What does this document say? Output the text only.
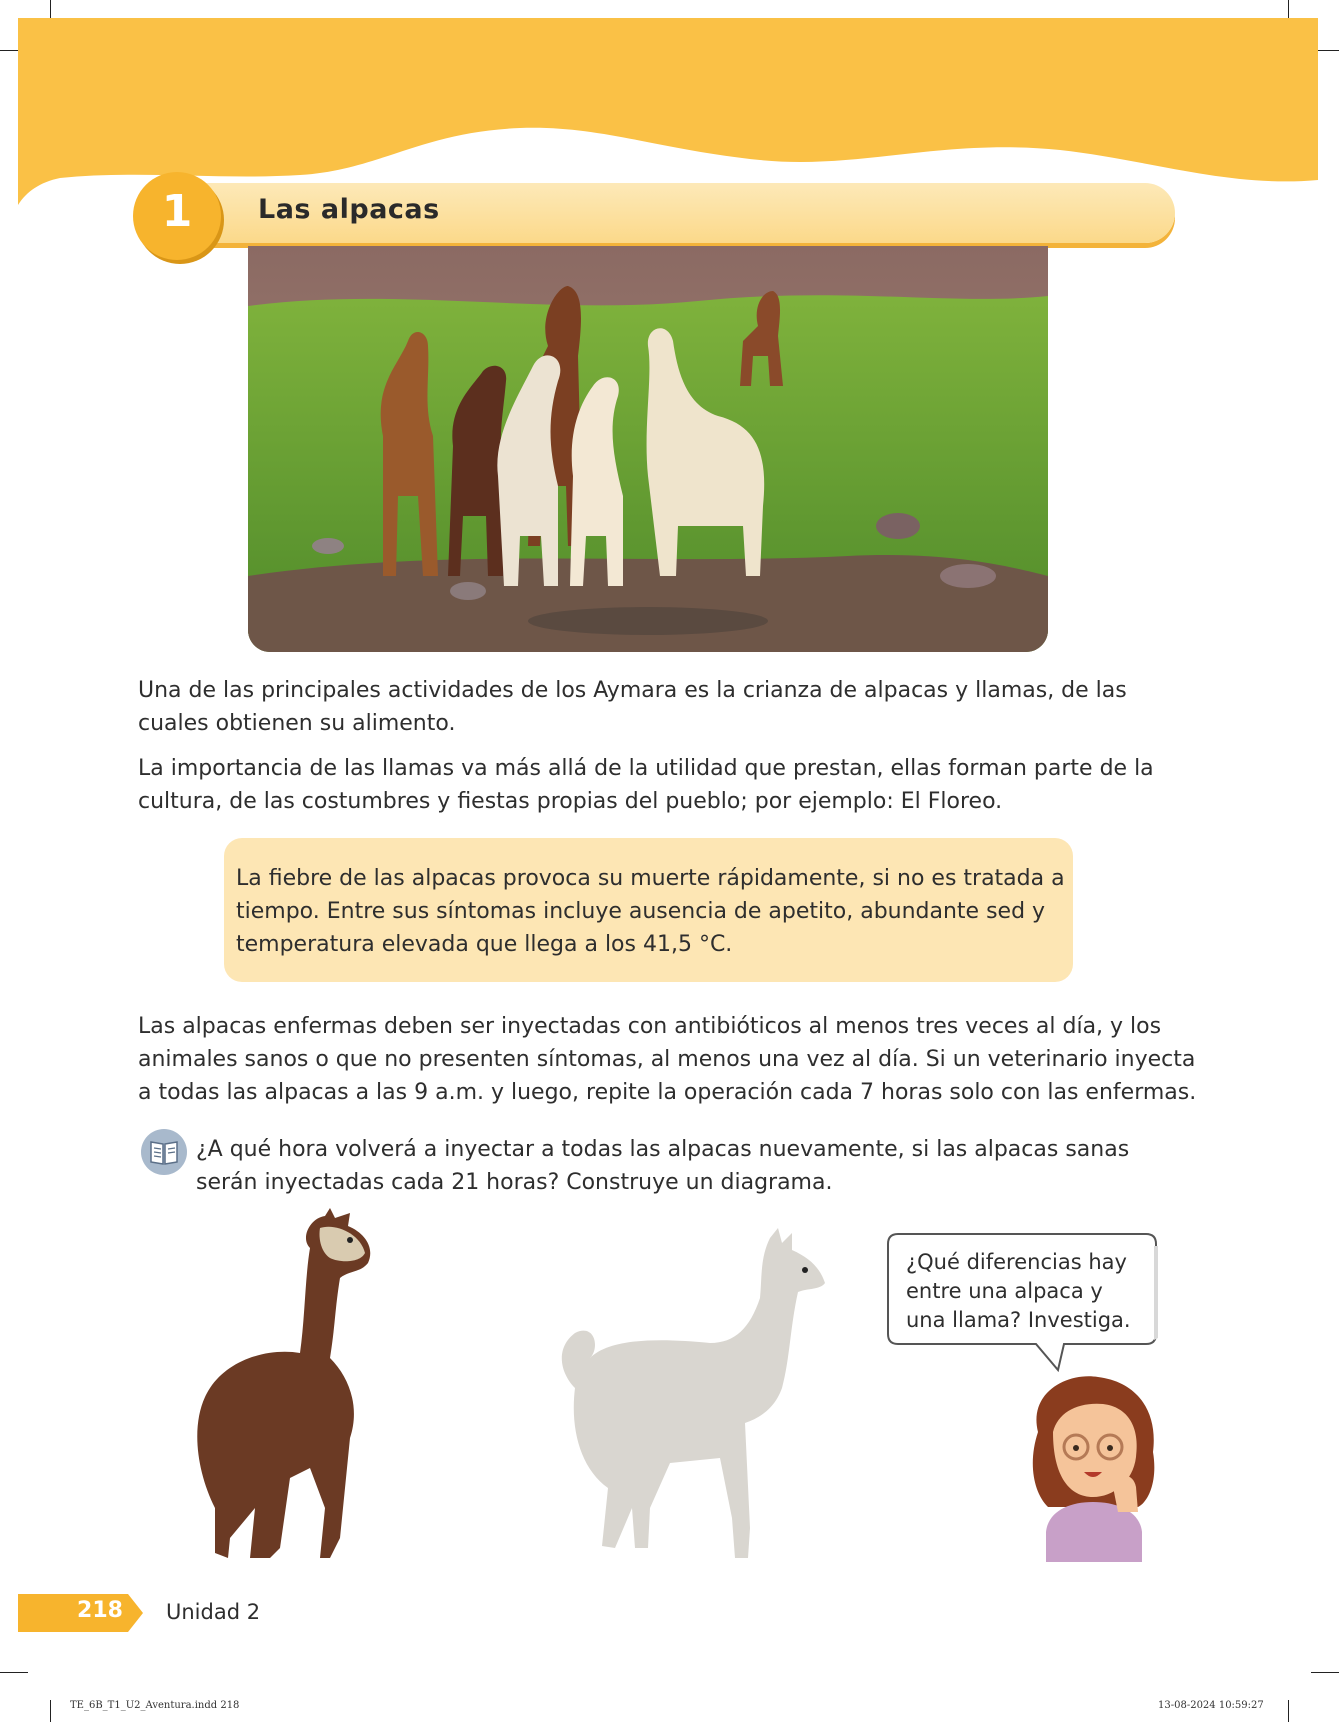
1	Las alpacas
Una de las principales actividades de los Aymara es la crianza de alpacas y llamas, de las cuales obtienen su alimento.
La importancia de las llamas va más allá de la utilidad que prestan, ellas forman parte de la cultura, de las costumbres y fiestas propias del pueblo; por ejemplo: El Floreo.
La fiebre de las alpacas provoca su muerte rápidamente, si no es tratada a tiempo. Entre sus síntomas incluye ausencia de apetito, abundante sed y temperatura elevada que llega a los 41,5 °C.
Las alpacas enfermas deben ser inyectadas con antibióticos al menos tres veces al día, y los animales sanos o que no presenten síntomas, al menos una vez al día. Si un veterinario inyecta a todas las alpacas a las 9 a.m. y luego, repite la operación cada 7 horas solo con las enfermas.
¿A qué hora volverá a inyectar a todas las alpacas nuevamente, si las alpacas sanas serán inyectadas cada 21 horas? Construye un diagrama.
¿Qué diferencias hay entre una alpaca y una llama? Investiga.
218	Unidad 2
TE_6B_T1_U2_Aventura.indd 218	13-08-2024 10:59:27
